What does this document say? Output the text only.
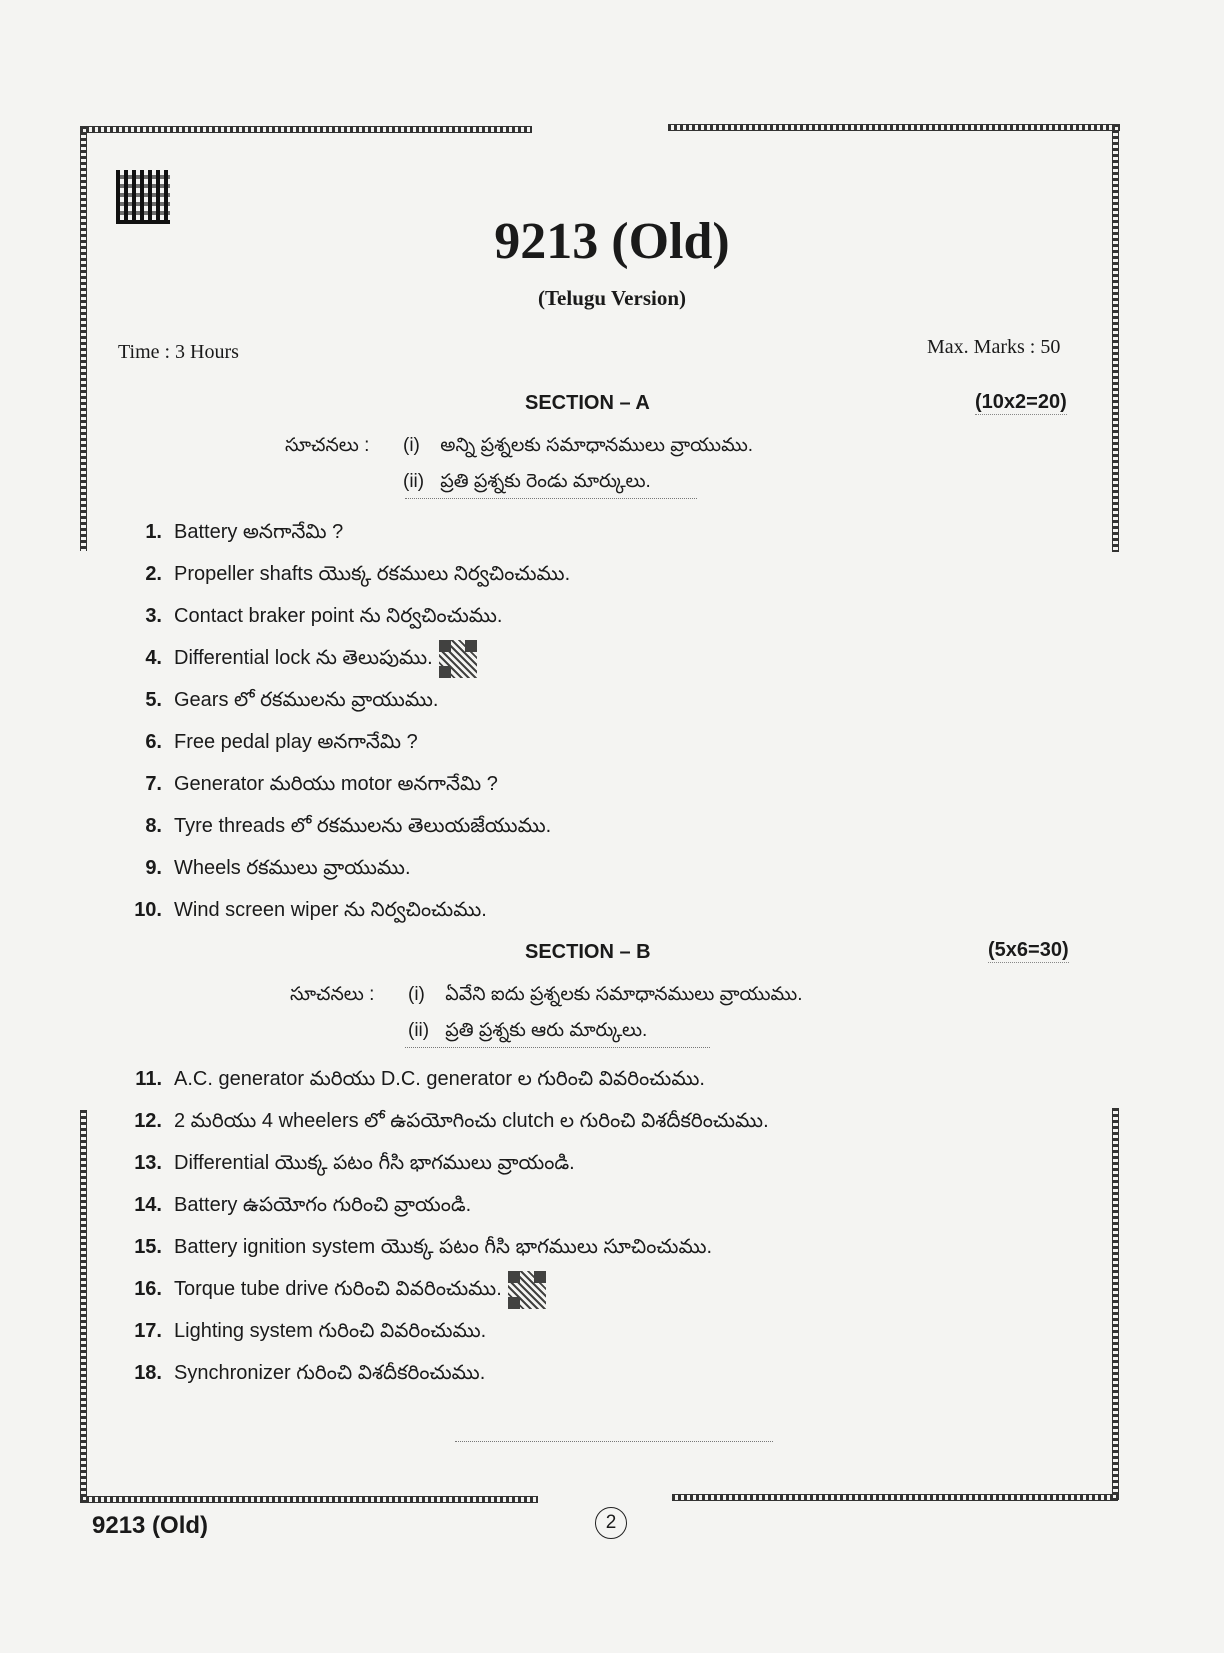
9213 (Old)
(Telugu Version)
Time : 3 Hours	Max. Marks : 50
SECTION – A	(10x2=20)
సూచనలు : (i) అన్ని ప్రశ్నలకు సమాధానములు వ్రాయుము.
(ii) ప్రతి ప్రశ్నకు రెండు మార్కులు.
1. Battery అనగానేమి ?
2. Propeller shafts యొక్క రకములు నిర్వచించుము.
3. Contact braker point ను నిర్వచించుము.
4. Differential lock ను తెలుపుము.
5. Gears లో రకములను వ్రాయుము.
6. Free pedal play అనగానేమి ?
7. Generator మరియు motor అనగానేమి ?
8. Tyre threads లో రకములను తెలుయజేయుము.
9. Wheels రకములు వ్రాయుము.
10. Wind screen wiper ను నిర్వచించుము.
SECTION – B	(5x6=30)
సూచనలు : (i) ఏవేని ఐదు ప్రశ్నలకు సమాధానములు వ్రాయుము.
(ii) ప్రతి ప్రశ్నకు ఆరు మార్కులు.
11. A.C. generator మరియు D.C. generator ల గురించి వివరించుము.
12. 2 మరియు 4 wheelers లో ఉపయోగించు clutch ల గురించి విశదీకరించుము.
13. Differential యొక్క పటం గీసి భాగములు వ్రాయండి.
14. Battery ఉపయోగం గురించి వ్రాయండి.
15. Battery ignition system యొక్క పటం గీసి భాగములు సూచించుము.
16. Torque tube drive గురించి వివరించుము.
17. Lighting system గురించి వివరించుము.
18. Synchronizer గురించి విశదీకరించుము.
9213 (Old)	2
